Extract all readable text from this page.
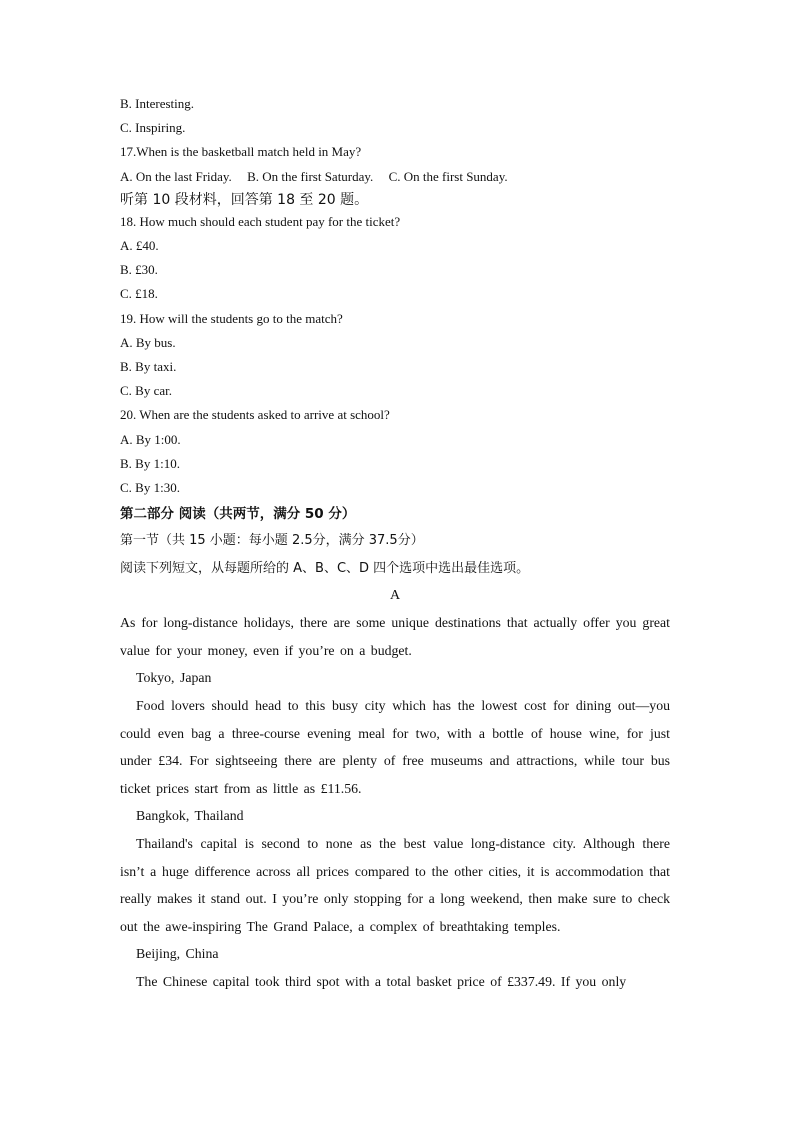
B. Interesting.
C. Inspiring.
17.When is the basketball match held in May?
A. On the last Friday. B. On the first Saturday. C. On the first Sunday.
听第 10 段材料，回答第 18 至 20 题。
18. How much should each student pay for the ticket?
A. £40.
B. £30.
C. £18.
19. How will the students go to the match?
A. By bus.
B. By taxi.
C. By car.
20. When are the students asked to arrive at school?
A. By 1:00.
B. By 1:10.
C. By 1:30.
第二部分 阅读（共两节，满分 50 分）
第一节（共 15 小题：每小题 2.5分，满分 37.5分）
阅读下列短文，从每题所给的 A、B、C、D 四个选项中选出最佳选项。
A

As for long-distance holidays, there are some unique destinations that actually offer you great value for your money, even if you’re on a budget.

Tokyo, Japan

Food lovers should head to this busy city which has the lowest cost for dining out—you could even bag a three-course evening meal for two, with a bottle of house wine, for just under £34. For sightseeing there are plenty of free museums and attractions, while tour bus ticket prices start from as little as £11.56.

Bangkok, Thailand

Thailand's capital is second to none as the best value long-distance city. Although there isn’t a huge difference across all prices compared to the other cities, it is accommodation that really makes it stand out. I you’re only stopping for a long weekend, then make sure to check out the awe-inspiring The Grand Palace, a complex of breathtaking temples.

Beijing, China

The Chinese capital took third spot with a total basket price of £337.49. If you only
